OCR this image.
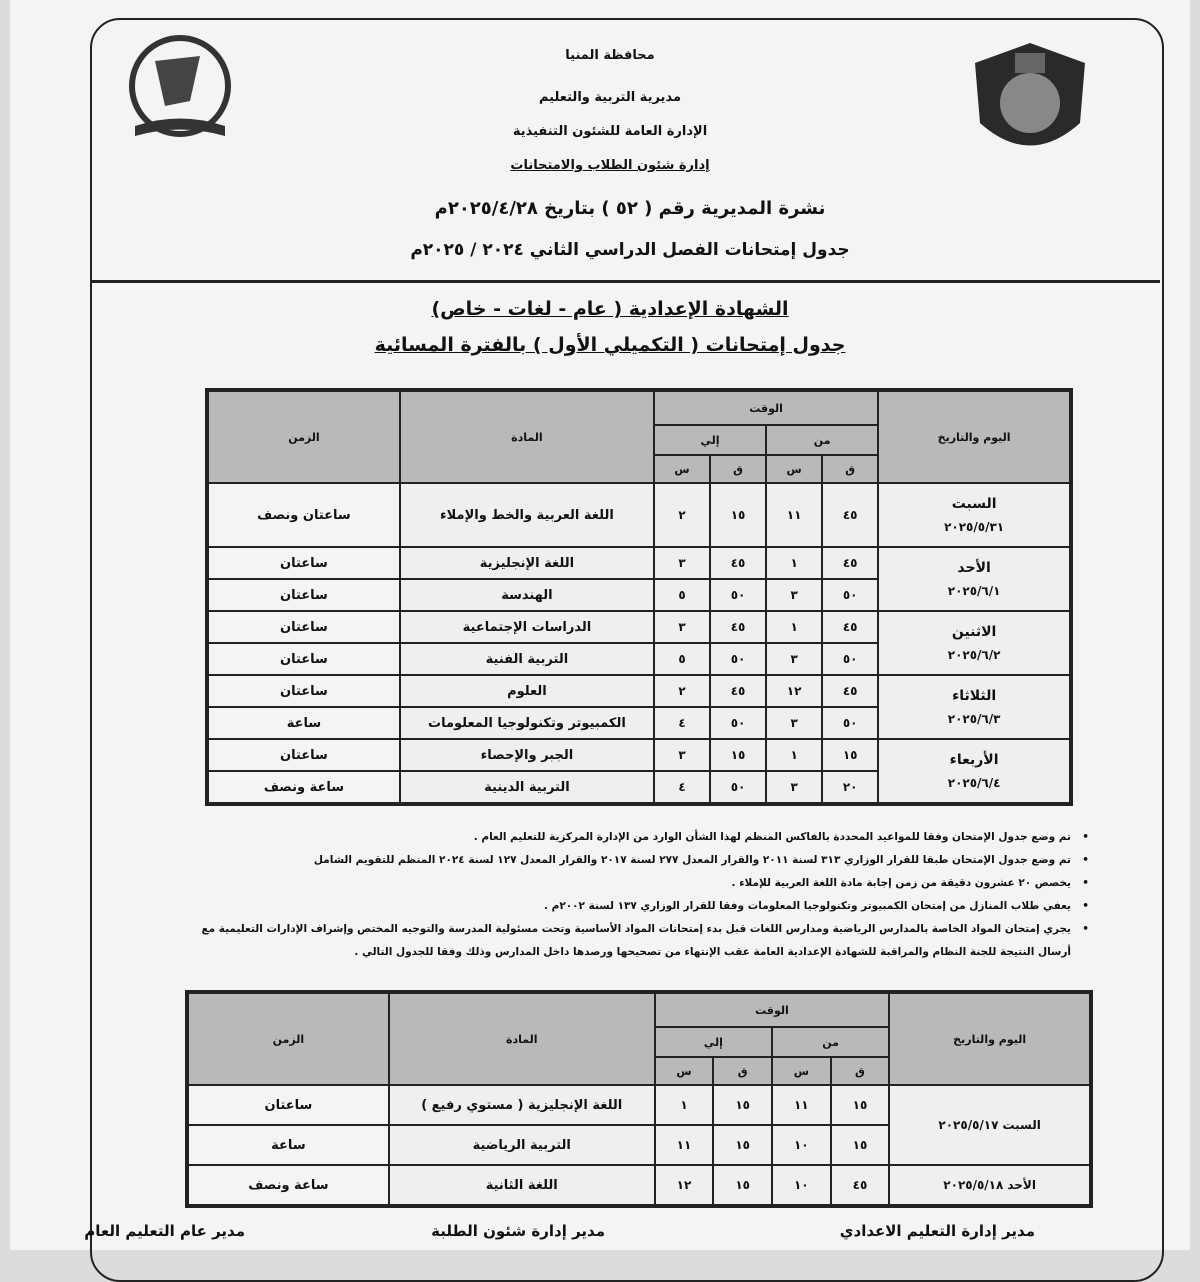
محافظة المنيا
مديرية التربية والتعليم
الإدارة العامة للشئون التنفيذية
إدارة شئون الطلاب والامتحانات
نشرة المديرية رقم ( ٥٢ ) بتاريخ ٢٠٢٥/٤/٢٨م
جدول إمتحانات الفصل الدراسي الثاني ٢٠٢٤ / ٢٠٢٥م
الشهادة الإعدادية ( عام - لغات - خاص)
جدول إمتحانات ( التكميلي الأول ) بالفترة المسائية
اليوم والتاريخ	الوقت				المادة	الزمن
	من		إلي			
	ق	س	ق	س		

السبت
٢٠٢٥/٥/٣١	٤٥	١١	١٥	٢	اللغة العربية والخط والإملاء	ساعتان ونصف

الأحد
٢٠٢٥/٦/١	٤٥	١	٤٥	٣	اللغة الإنجليزية	ساعتان
	٥٠	٣	٥٠	٥	الهندسة	ساعتان

الاثنين
٢٠٢٥/٦/٢	٤٥	١	٤٥	٣	الدراسات الإجتماعية	ساعتان
	٥٠	٣	٥٠	٥	التربية الفنية	ساعتان

الثلاثاء
٢٠٢٥/٦/٣	٤٥	١٢	٤٥	٢	العلوم	ساعتان
	٥٠	٣	٥٠	٤	الكمبيوتر وتكنولوجيا المعلومات	ساعة

الأربعاء
٢٠٢٥/٦/٤	١٥	١	١٥	٣	الجبر والإحصاء	ساعتان
	٢٠	٣	٥٠	٤	التربية الدينية	ساعة ونصف
• تم وضع جدول الإمتحان وفقا للمواعيد المحددة بالفاكس المنظم لهذا الشأن الوارد من الإدارة المركزية للتعليم العام .
• تم وضع جدول الإمتحان طبقا للقرار الوزاري ٣١٣ لسنة ٢٠١١ والقرار المعدل ٢٧٧ لسنة ٢٠١٧ والقرار المعدل ١٢٧ لسنة ٢٠٢٤ المنظم للتقويم الشامل
• يخصص ٢٠ عشرون دقيقة من زمن إجابة مادة اللغة العربية للإملاء .
• يعفي طلاب المنازل من إمتحان الكمبيوتر وتكنولوجيا المعلومات وفقا للقرار الوزاري ١٣٧ لسنة ٢٠٠٢م .
• يجري إمتحان المواد الخاصة بالمدارس الرياضية ومدارس اللغات قبل بدء إمتحانات المواد الأساسية وتحت مسئولية المدرسة والتوجيه المختص وإشراف الإدارات التعليمية مع أرسال النتيجة للجنة النظام والمراقبة للشهادة الإعدادية العامة عقب الإنتهاء من تصحيحها ورصدها داخل المدارس وذلك وفقا للجدول التالي .
اليوم والتاريخ	الوقت				المادة	الزمن
	من		إلي			
	ق	س	ق	س		
السبت٢٠٢٥/٥/١٧	١٥	١١	١٥	١	اللغة الإنجليزية ( مستوي رفيع )	ساعتان
	١٥	١٠	١٥	١١	التربية الرياضية	ساعة
الأحد٢٠٢٥/٥/١٨	٤٥	١٠	١٥	١٢	اللغة الثانية	ساعة ونصف
مدير إدارة التعليم الاعدادي
مدير إدارة شئون الطلبة
مدير عام التعليم العام
